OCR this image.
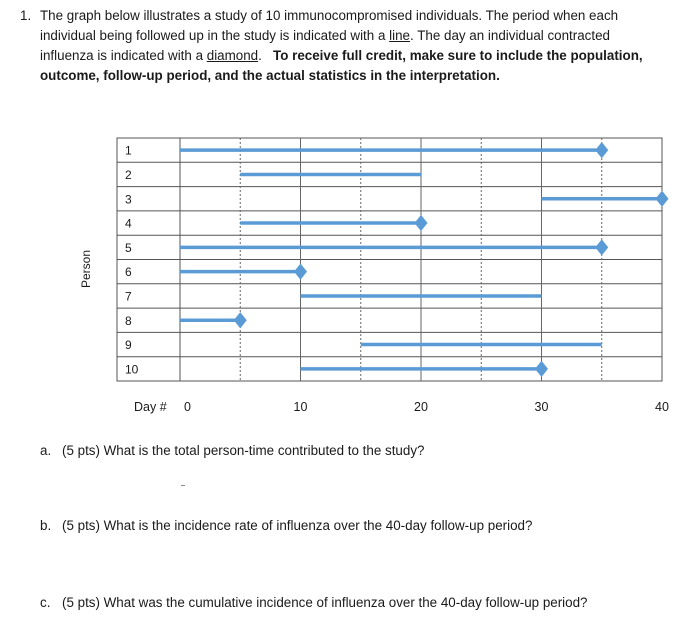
1. The graph below illustrates a study of 10 immunocompromised individuals. The period when each
individual being followed up in the study is indicated with a line. The day an individual contracted
influenza is indicated with a diamond. To receive full credit, make sure to include the population,
outcome, follow-up period, and the actual statistics in the interpretation.
1
2
3
4
5
6
7
8
9
10
0	10	20	30	40
Day #
Person
a. (5 pts) What is the total person-time contributed to the study?
b. (5 pts) What is the incidence rate of influenza over the 40-day follow-up period?
c. (5 pts) What was the cumulative incidence of influenza over the 40-day follow-up period?
